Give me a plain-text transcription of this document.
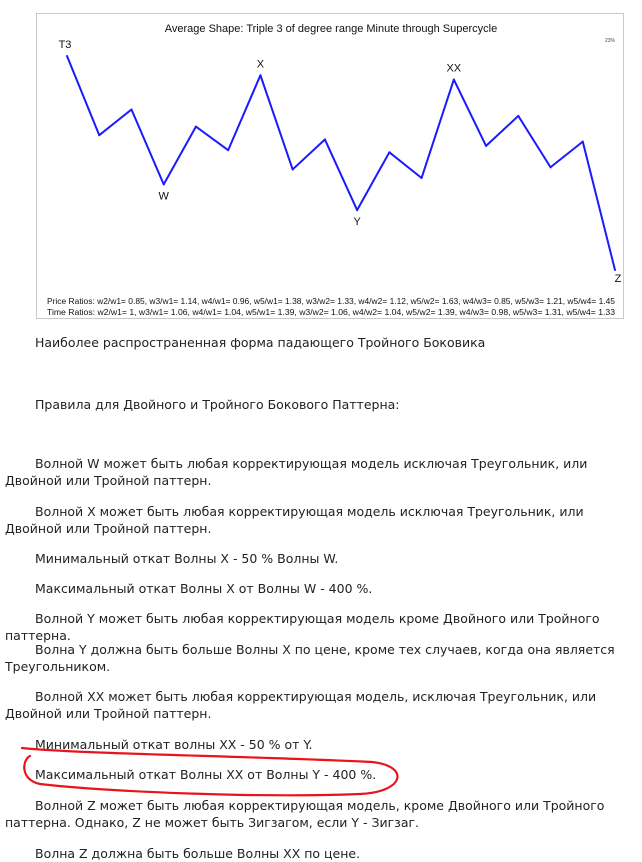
Average Shape: Triple 3 of degree range Minute through Supercycle
23%
T3
W
X
Y
XX
Z
Price Ratios: w2/w1= 0.85, w3/w1= 1.14, w4/w1= 0.96, w5/w1= 1.38, w3/w2= 1.33, w4/w2= 1.12, w5/w2= 1.63, w4/w3= 0.85, w5/w3= 1.21, w5/w4= 1.45
Time Ratios: w2/w1= 1, w3/w1= 1.06, w4/w1= 1.04, w5/w1= 1.39, w3/w2= 1.06, w4/w2= 1.04, w5/w2= 1.39, w4/w3= 0.98, w5/w3= 1.31, w5/w4= 1.33

Наиболее распространенная форма падающего Тройного Боковика

Правила для Двойного и Тройного Бокового Паттерна:

Волной W может быть любая корректирующая модель исключая Треугольник, или Двойной или Тройной паттерн.

Волной X может быть любая корректирующая модель исключая Треугольник, или Двойной или Тройной паттерн.

Минимальный откат Волны X - 50 % Волны W.

Максимальный откат Волны X от Волны W - 400 %.

Волной Y может быть любая корректирующая модель кроме Двойного или Тройного паттерна.

Волна Y должна быть больше Волны X по цене, кроме тех случаев, когда она является Треугольником.

Волной XX может быть любая корректирующая модель, исключая Треугольник, или Двойной или Тройной паттерн.

Минимальный откат волны XX - 50 % от Y.

Максимальный откат Волны XX от Волны Y - 400 %.

Волной Z может быть любая корректирующая модель, кроме Двойного или Тройного паттерна. Однако, Z не может быть Зигзагом, если Y - Зигзаг.

Волна Z должна быть больше Волны XX по цене.
